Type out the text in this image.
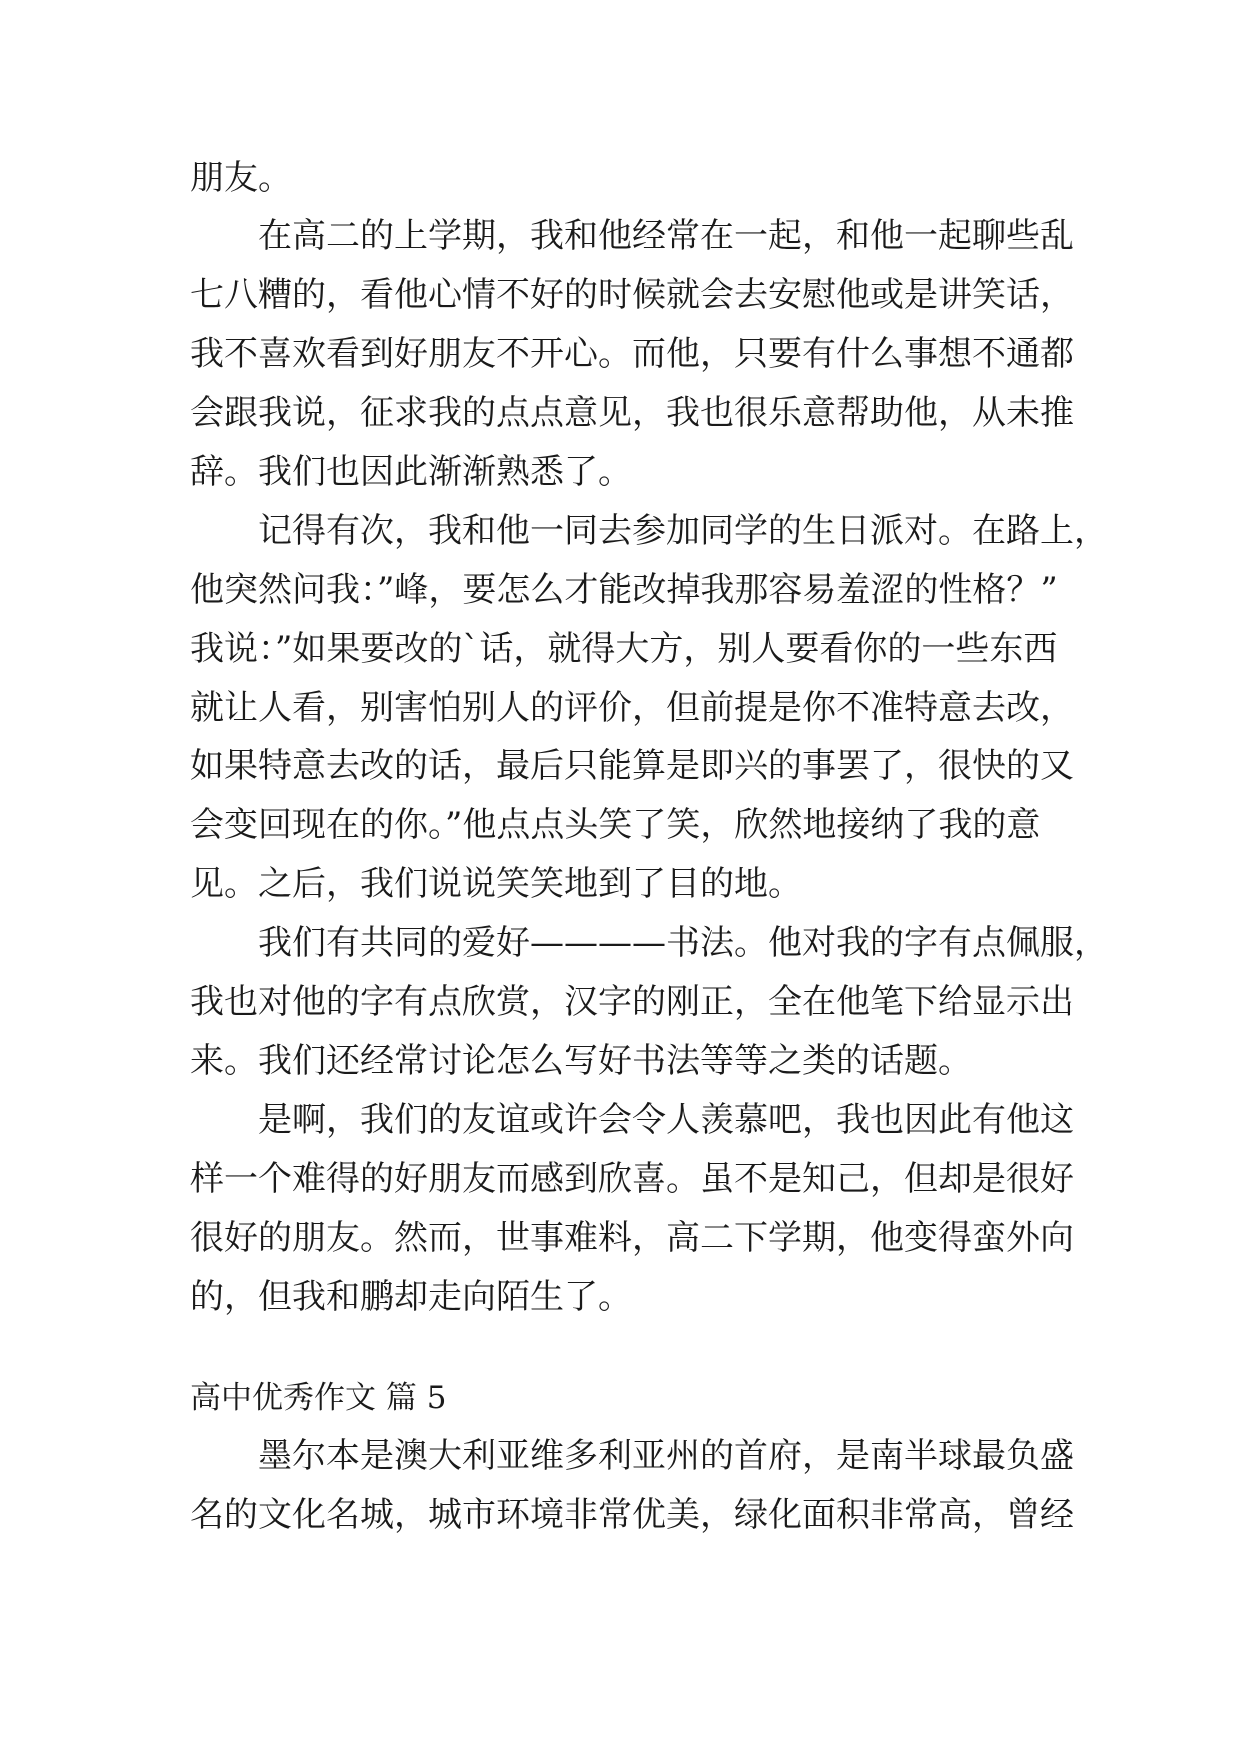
朋友。
在高二的上学期，我和他经常在一起，和他一起聊些乱
七八糟的，看他心情不好的时候就会去安慰他或是讲笑话，
我不喜欢看到好朋友不开心。而他，只要有什么事想不通都
会跟我说，征求我的点点意见，我也很乐意帮助他，从未推
辞。我们也因此渐渐熟悉了。
记得有次，我和他一同去参加同学的生日派对。在路上，
他突然问我：”峰，要怎么才能改掉我那容易羞涩的性格？”
我说：”如果要改的`话，就得大方，别人要看你的一些东西
就让人看，别害怕别人的评价，但前提是你不准特意去改，
如果特意去改的话，最后只能算是即兴的事罢了，很快的又
会变回现在的你。”他点点头笑了笑，欣然地接纳了我的意
见。之后，我们说说笑笑地到了目的地。
我们有共同的爱好————书法。他对我的字有点佩服，
我也对他的字有点欣赏，汉字的刚正，全在他笔下给显示出
来。我们还经常讨论怎么写好书法等等之类的话题。
是啊，我们的友谊或许会令人羡慕吧，我也因此有他这
样一个难得的好朋友而感到欣喜。虽不是知己，但却是很好
很好的朋友。然而，世事难料，高二下学期，他变得蛮外向
的，但我和鹏却走向陌生了。
高中优秀作文 篇 5
墨尔本是澳大利亚维多利亚州的首府，是南半球最负盛
名的文化名城，城市环境非常优美，绿化面积非常高，曾经
